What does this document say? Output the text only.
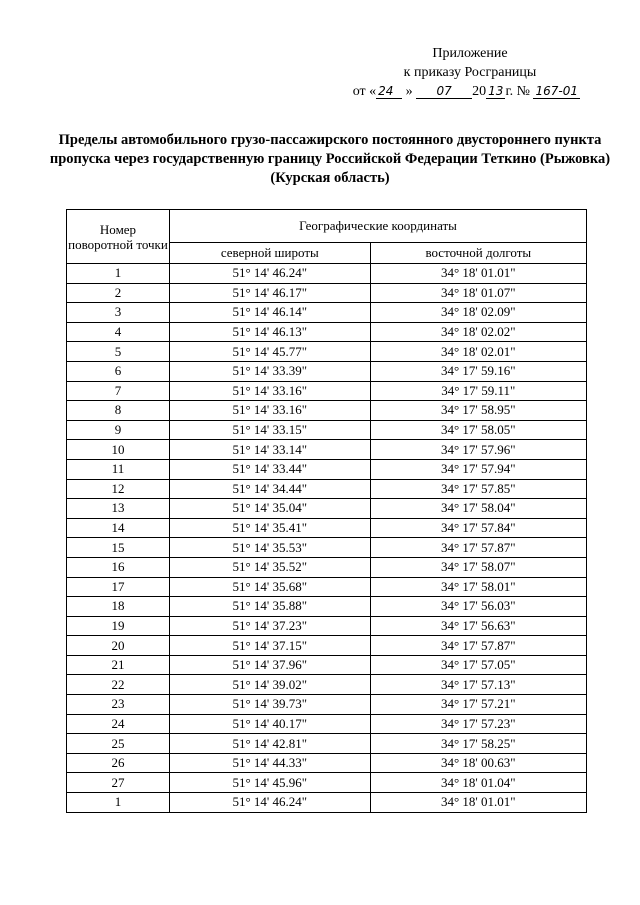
Приложение
к приказу Росграницы
от « 24 » 07 20 13 г. № 167-01
Пределы автомобильного грузо-пассажирского постоянного двустороннего пункта пропуска через государственную границу Российской Федерации Теткино (Рыжовка) (Курская область)
Номер поворотной точки	Географические координаты	
	северной широты	восточной долготы
1	51° 14' 46.24"	34° 18' 01.01"
2	51° 14' 46.17"	34° 18' 01.07"
3	51° 14' 46.14"	34° 18' 02.09"
4	51° 14' 46.13"	34° 18' 02.02"
5	51° 14' 45.77"	34° 18' 02.01"
6	51° 14' 33.39"	34° 17' 59.16"
7	51° 14' 33.16"	34° 17' 59.11"
8	51° 14' 33.16"	34° 17' 58.95"
9	51° 14' 33.15"	34° 17' 58.05"
10	51° 14' 33.14"	34° 17' 57.96"
11	51° 14' 33.44"	34° 17' 57.94"
12	51° 14' 34.44"	34° 17' 57.85"
13	51° 14' 35.04"	34° 17' 58.04"
14	51° 14' 35.41"	34° 17' 57.84"
15	51° 14' 35.53"	34° 17' 57.87"
16	51° 14' 35.52"	34° 17' 58.07"
17	51° 14' 35.68"	34° 17' 58.01"
18	51° 14' 35.88"	34° 17' 56.03"
19	51° 14' 37.23"	34° 17' 56.63"
20	51° 14' 37.15"	34° 17' 57.87"
21	51° 14' 37.96"	34° 17' 57.05"
22	51° 14' 39.02"	34° 17' 57.13"
23	51° 14' 39.73"	34° 17' 57.21"
24	51° 14' 40.17"	34° 17' 57.23"
25	51° 14' 42.81"	34° 17' 58.25"
26	51° 14' 44.33"	34° 18' 00.63"
27	51° 14' 45.96"	34° 18' 01.04"
1	51° 14' 46.24"	34° 18' 01.01"
